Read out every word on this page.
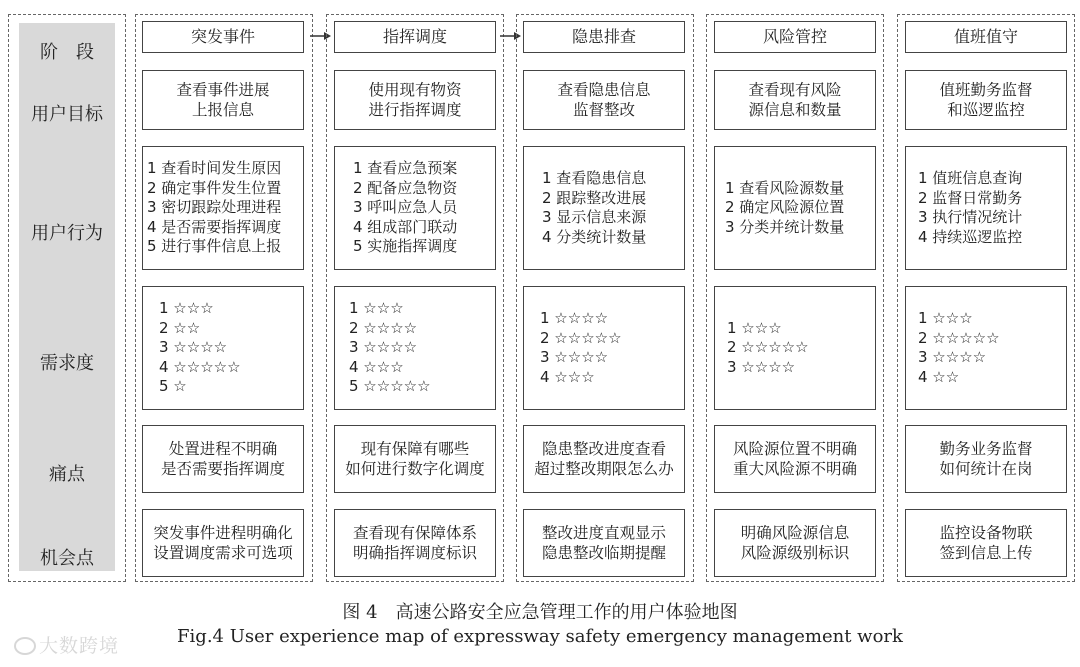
阶　段
用户目标
用户行为
需求度
痛点
机会点
突发事件
查看事件进展
上报信息
1 查看时间发生原因
2 确定事件发生位置
3 密切跟踪处理进程
4 是否需要指挥调度
5 进行事件信息上报
1 ☆☆☆
2 ☆☆
3 ☆☆☆☆
4 ☆☆☆☆☆
5 ☆
处置进程不明确
是否需要指挥调度
突发事件进程明确化
设置调度需求可选项
指挥调度
使用现有物资
进行指挥调度
1 查看应急预案
2 配备应急物资
3 呼叫应急人员
4 组成部门联动
5 实施指挥调度
1 ☆☆☆
2 ☆☆☆☆
3 ☆☆☆☆
4 ☆☆☆
5 ☆☆☆☆☆
现有保障有哪些
如何进行数字化调度
查看现有保障体系
明确指挥调度标识
隐患排查
查看隐患信息
监督整改
1 查看隐患信息
2 跟踪整改进展
3 显示信息来源
4 分类统计数量
1 ☆☆☆☆
2 ☆☆☆☆☆
3 ☆☆☆☆
4 ☆☆☆
隐患整改进度查看
超过整改期限怎么办
整改进度直观显示
隐患整改临期提醒
风险管控
查看现有风险
源信息和数量
1 查看风险源数量
2 确定风险源位置
3 分类并统计数量
1 ☆☆☆
2 ☆☆☆☆☆
3 ☆☆☆☆
风险源位置不明确
重大风险源不明确
明确风险源信息
风险源级别标识
值班值守
值班勤务监督
和巡逻监控
1 值班信息查询
2 监督日常勤务
3 执行情况统计
4 持续巡逻监控
1 ☆☆☆
2 ☆☆☆☆☆
3 ☆☆☆☆
4 ☆☆
勤务业务监督
如何统计在岗
监控设备物联
签到信息上传
图 4　高速公路安全应急管理工作的用户体验地图
Fig.4 User experience map of expressway safety emergency management work
大数跨境
